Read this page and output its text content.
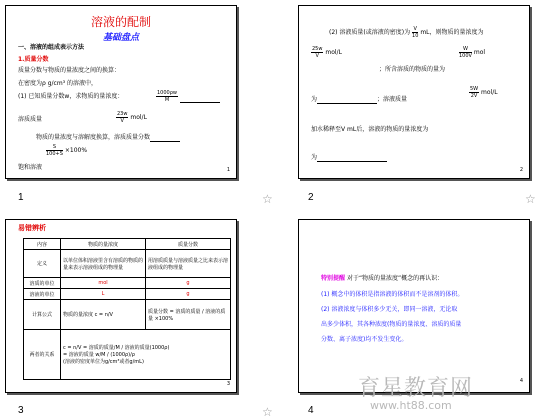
溶液的配制
基础盘点
一、溶液的组成表示方法
1.质量分数
质量分数与物质的量浓度之间的换算：
在密度为ρ g/cm³ 的溶液中，
(1) 已知质量分数w，求物质的量浓度：	$\frac{1000\rho w}{M}$

溶质质量	$\frac{23w}{V} mol/L$
物质的量浓度与溶解度换算，溶质质量分数
$\frac{S}{100+S} \times 100\%$
饱和溶液	1
1	☆
(2) 溶液质量(或溶液的密度)为 $\frac{V}{10}$ mL，则物质的量浓度为
$\frac{25w}{V} mol/L$	$\frac{W}{100V}$ mol
；所含溶质的物质的量为
为	；溶液质量
$\frac{5W}{2V} mol/L$
加水稀释至V mL后，溶液的物质的量浓度为
为
2
2	☆
易错辨析
内容	物质的量浓度	质量分数
定义	以单位体积溶液里含有溶质的物质的量来表示溶液组成的物理量	用溶质质量与溶液质量之比来表示溶液组成的物理量
溶质的单位	mol	g
溶液的单位	L	g
计算公式	物质的量浓度 c = n/V	质量分数 = 溶质的质量 / 溶液的质量 ×100%
两者的关系	c = n/V = 溶质的质量/M / 溶液的质量(1000ρ)
= 溶液的质量 w/M / (1000ρ)/ρ
(溶液的密度单位为g/cm³或者g/mL)	
3
3	☆
特别提醒 对于“物质的量浓度”概念的再认识：
(1) 概念中的体积是指溶液的体积而不是溶剂的体积。
(2) 溶液浓度与体积多少无关，即同一溶液，无论取
出多少体积，其各种浓度(物质的量浓度、溶质的质量
分数、离子浓度)均不发生变化。
4
4
育星教育网
www.ht88.com
